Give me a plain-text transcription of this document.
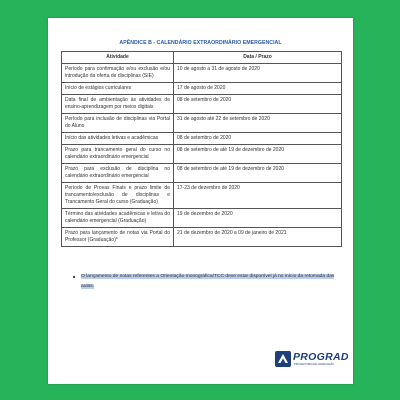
APÊNDICE B - CALENDÁRIO EXTRAORDINÁRIO EMERGENCIAL
Atividade	Data / Prazo
Período para confirmação e/ou exclusão e/ou introdução da oferta de disciplinas (SIE)	10 de agosto a 31 de agosto de 2020
Início de estágios curriculares	17 de agosto de 2020
Data final de ambientação às atividades de ensino-aprendizagem por meios digitais	08 de setembro de 2020
Período para inclusão de disciplinas via Portal do Aluno	31 de agosto até 22 de setembro de 2020
Início das atividades letivas e acadêmicas	08 de setembro de 2020
Prazo para trancamento geral do curso no calendário extraordinário emergencial	08 de setembro de até 19 de dezembro de 2020
Prazo para exclusão de disciplina no calendário extraordinário emergencial	08 de setembro de até 19 de dezembro de 2020
Período de Provas Finais e prazo limite de trancamento/exclusão de disciplinas e Trancamento Geral do curso (Graduação)	17-23 de dezembro de 2020
Término das atividades acadêmicas e letiva do calendário emergencial (Graduação)	19 de dezembro de 2020
Prazo para lançamento de notas via Portal do Professor (Graduação)*	21 de dezembro de 2020 a 09 de janeiro de 2021
■ O lançamento de notas referentes a Orientação monográfica/TCC deve estar disponível já no início da retomada das aulas.
PROGRAD
PRÓ-REITORIA DE GRADUAÇÃO
